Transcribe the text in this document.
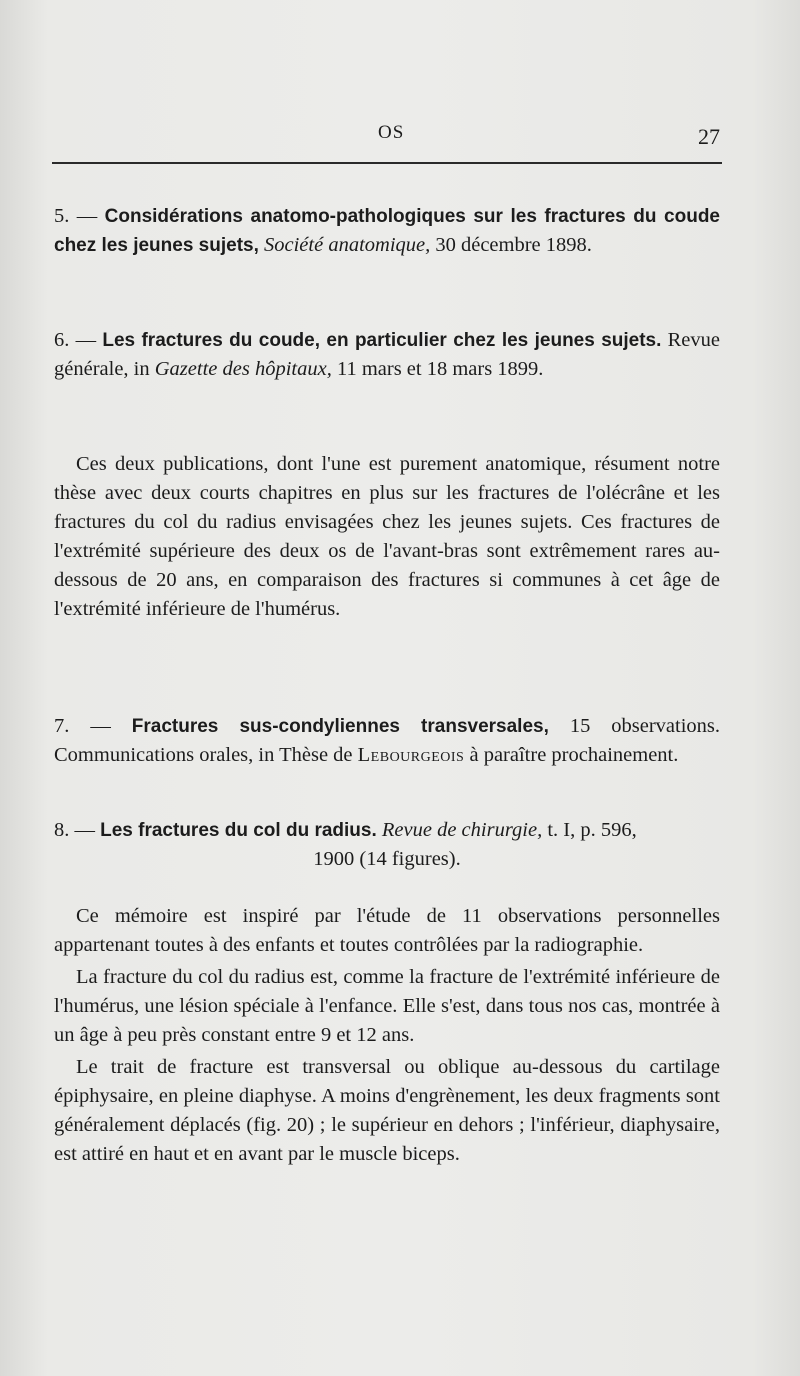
OS	27

5. — Considérations anatomo-pathologiques sur les fractures du coude chez les jeunes sujets, Société anatomique, 30 décembre 1898.

6. — Les fractures du coude, en particulier chez les jeunes sujets. Revue générale, in Gazette des hôpitaux, 11 mars et 18 mars 1899.

Ces deux publications, dont l'une est purement anatomique, résument notre thèse avec deux courts chapitres en plus sur les fractures de l'olécrâne et les fractures du col du radius envisagées chez les jeunes sujets. Ces fractures de l'extrémité supérieure des deux os de l'avant-bras sont extrêmement rares au-dessous de 20 ans, en comparaison des fractures si communes à cet âge de l'extrémité inférieure de l'humérus.

7. — Fractures sus-condyliennes transversales, 15 observations. Communications orales, in Thèse de Lebourgeois à paraître prochainement.

8. — Les fractures du col du radius. Revue de chirurgie, t. I, p. 596,
1900 (14 figures).

Ce mémoire est inspiré par l'étude de 11 observations personnelles appartenant toutes à des enfants et toutes contrôlées par la radiographie.

La fracture du col du radius est, comme la fracture de l'extrémité inférieure de l'humérus, une lésion spéciale à l'enfance. Elle s'est, dans tous nos cas, montrée à un âge à peu près constant entre 9 et 12 ans.

Le trait de fracture est transversal ou oblique au-dessous du cartilage épiphysaire, en pleine diaphyse. A moins d'engrènement, les deux fragments sont généralement déplacés (fig. 20) ; le supérieur en dehors ; l'inférieur, diaphysaire, est attiré en haut et en avant par le muscle biceps.
